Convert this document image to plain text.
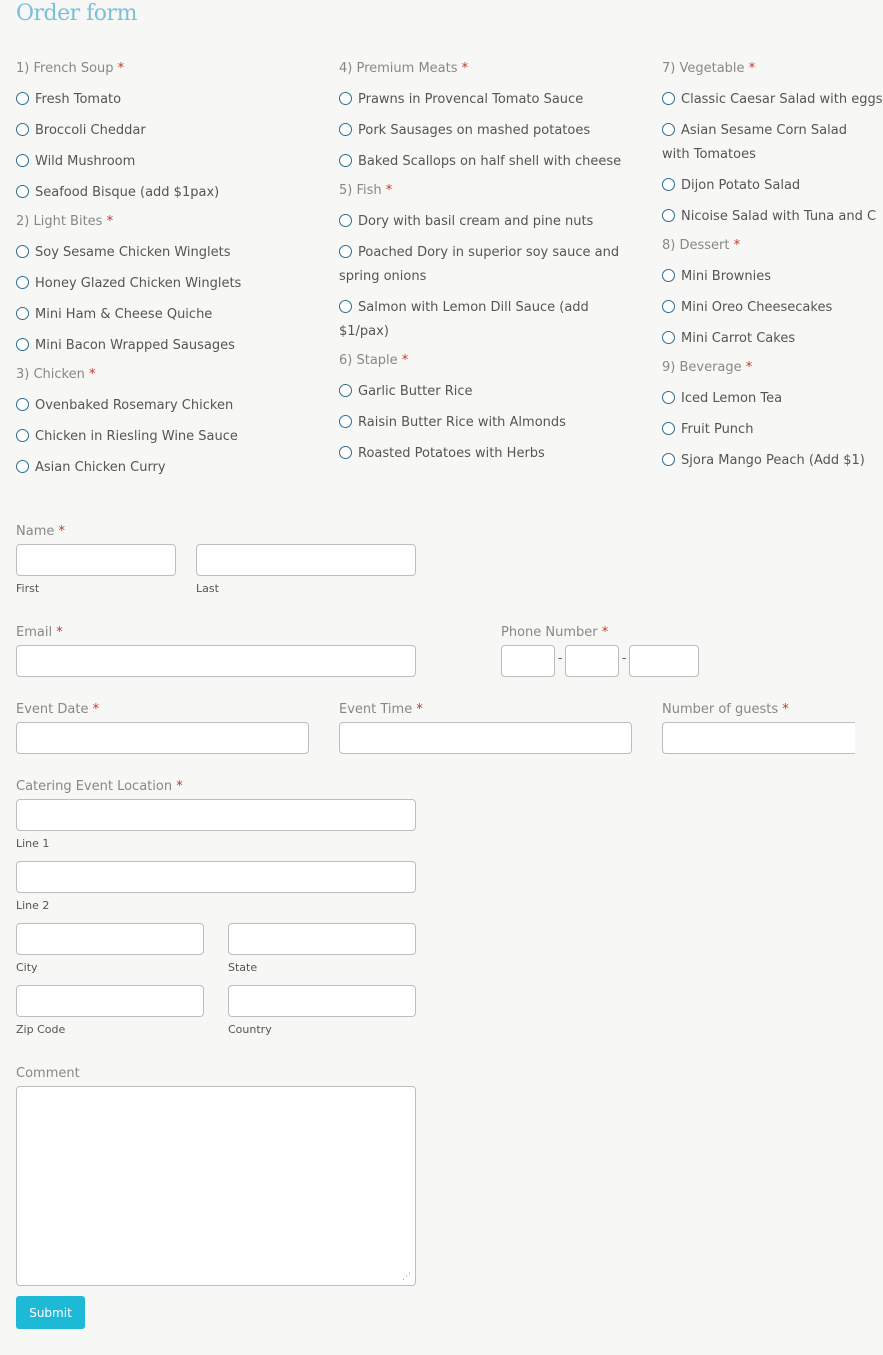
Order form
1) French Soup *
Fresh Tomato
Broccoli Cheddar
Wild Mushroom
Seafood Bisque (add $1pax)
2) Light Bites *
Soy Sesame Chicken Winglets
Honey Glazed Chicken Winglets
Mini Ham & Cheese Quiche
Mini Bacon Wrapped Sausages
3) Chicken *
Ovenbaked Rosemary Chicken
Chicken in Riesling Wine Sauce
Asian Chicken Curry
4) Premium Meats *
Prawns in Provencal Tomato Sauce
Pork Sausages on mashed potatoes
Baked Scallops on half shell with cheese
5) Fish *
Dory with basil cream and pine nuts
Poached Dory in superior soy sauce and spring onions
Salmon with Lemon Dill Sauce (add $1/pax)
6) Staple *
Garlic Butter Rice
Raisin Butter Rice with Almonds
Roasted Potatoes with Herbs
7) Vegetable *
Classic Caesar Salad with eggs
Asian Sesame Corn Salad with Tomatoes
Dijon Potato Salad
Nicoise Salad with Tuna and C
8) Dessert *
Mini Brownies
Mini Oreo Cheesecakes
Mini Carrot Cakes
9) Beverage *
Iced Lemon Tea
Fruit Punch
Sjora Mango Peach (Add $1)
Name *
First	Last
Email *	Phone Number *
-	-
Event Date *	Event Time *	Number of guests *
Catering Event Location *
Line 1
Line 2
City	State
Zip Code	Country
Comment
⋰
Submit
